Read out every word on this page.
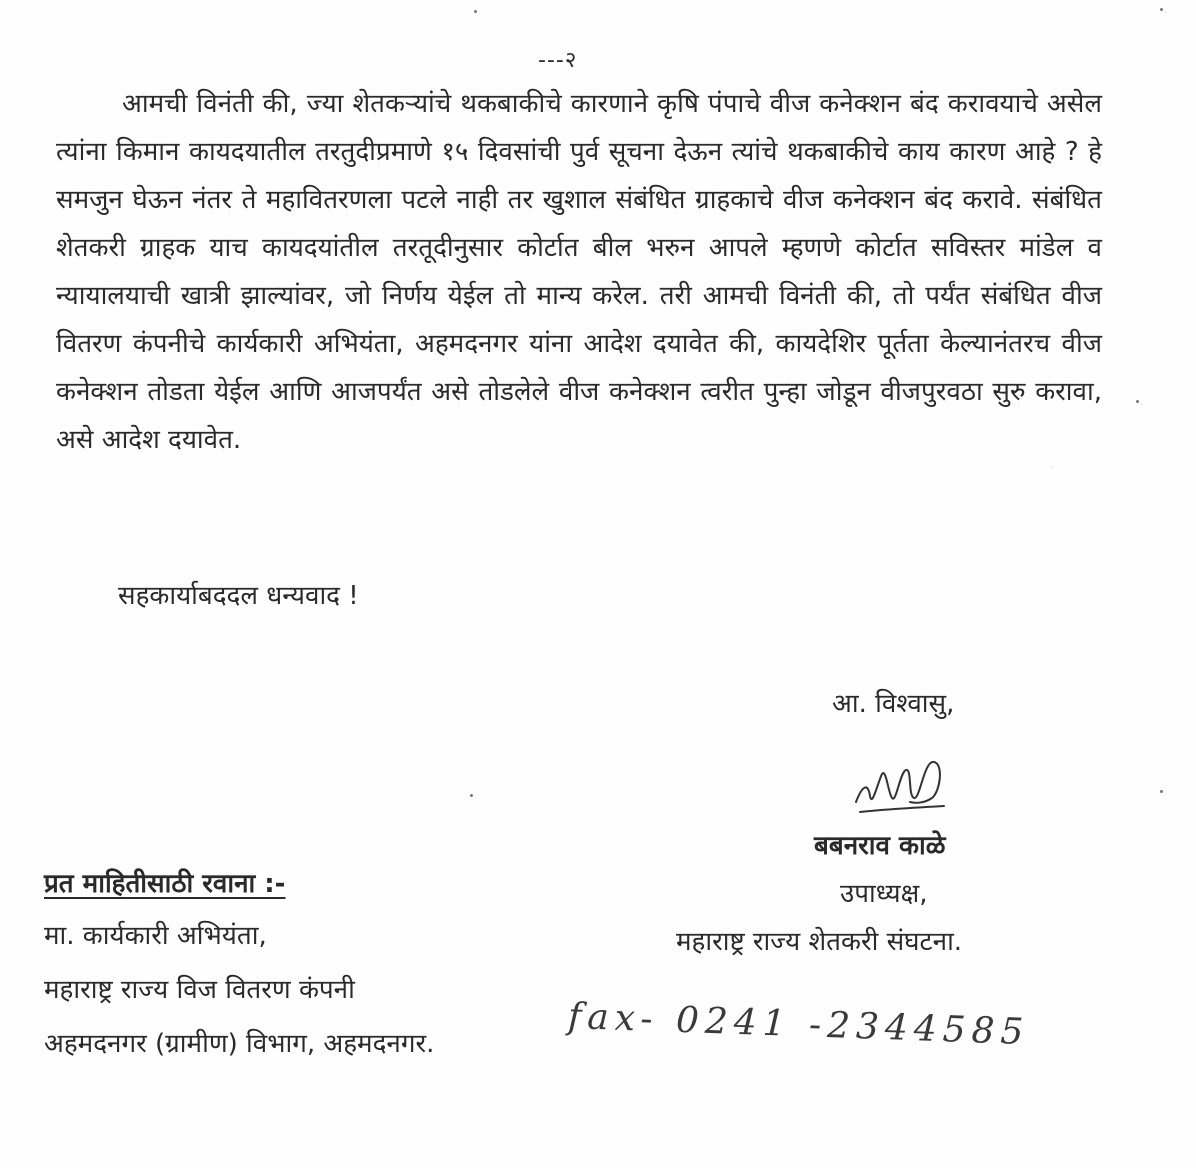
---२

आमची विनंती की, ज्या शेतकऱ्यांचे थकबाकीचे कारणाने कृषि पंपाचे वीज कनेक्शन बंद करावयाचे असेल त्यांना किमान कायदयातील तरतुदीप्रमाणे १५ दिवसांची पुर्व सूचना देऊन त्यांचे थकबाकीचे काय कारण आहे ? हे समजुन घेऊन नंतर ते महावितरणला पटले नाही तर खुशाल संबंधित ग्राहकाचे वीज कनेक्शन बंद करावे. संबंधित शेतकरी ग्राहक याच कायदयांतील तरतूदीनुसार कोर्टात बील भरुन आपले म्हणणे कोर्टात सविस्तर मांडेल व न्यायालयाची खात्री झाल्यांवर, जो निर्णय येईल तो मान्य करेल. तरी आमची विनंती की, तो पर्यंत संबंधित वीज वितरण कंपनीचे कार्यकारी अभियंता, अहमदनगर यांना आदेश दयावेत की, कायदेशिर पूर्तता केल्यानंतरच वीज कनेक्शन तोडता येईल आणि आजपर्यंत असे तोडलेले वीज कनेक्शन त्वरीत पुन्हा जोडून वीजपुरवठा सुरु करावा, असे आदेश दयावेत.

सहकार्याबददल धन्यवाद !
आ. विश्वासु,
बबनराव काळे
उपाध्यक्ष,
महाराष्ट्र राज्य शेतकरी संघटना.
प्रत माहितीसाठी रवाना :-
मा. कार्यकारी अभियंता,
महाराष्ट्र राज्य विज वितरण कंपनी
अहमदनगर (ग्रामीण) विभाग, अहमदनगर.	fax- 0241 -2344585
